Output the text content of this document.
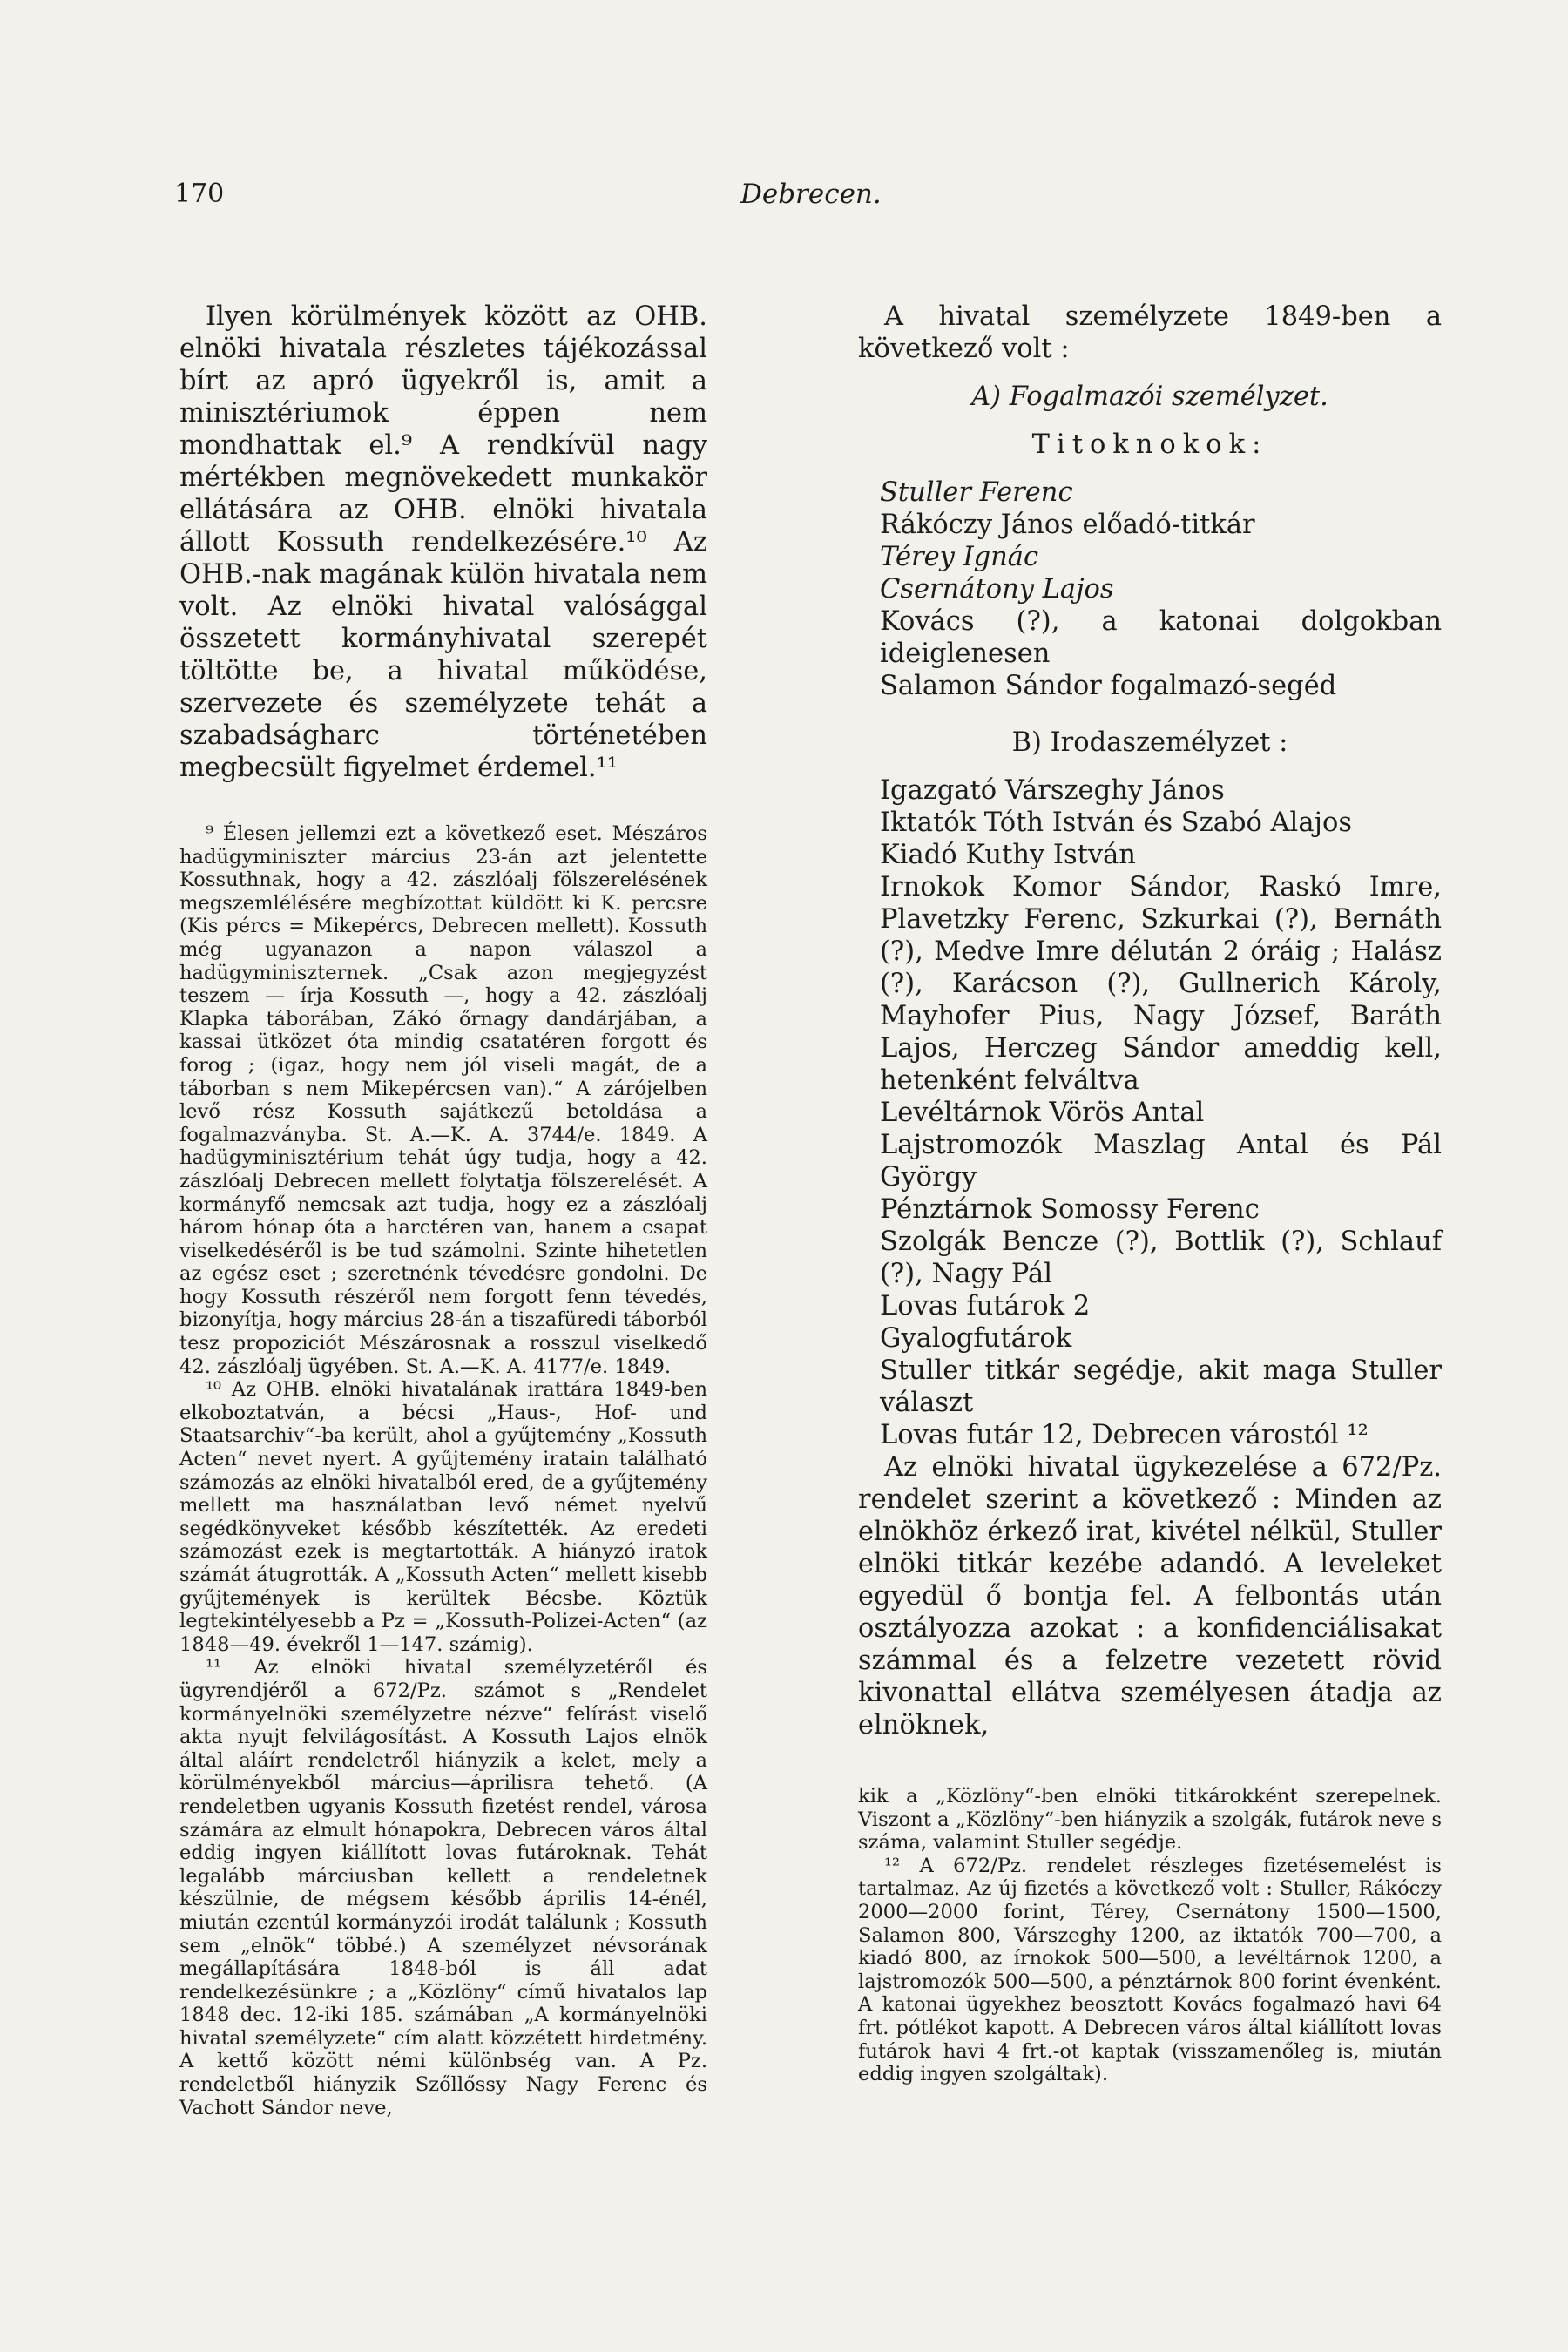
170	Debrecen.

Ilyen körülmények között az OHB. elnöki hivatala részletes tájékozással bírt az apró ügyekről is, amit a minisztériumok éppen nem mondhattak el.⁹ A rendkívül nagy mértékben megnövekedett munkakör ellátására az OHB. elnöki hivatala állott Kossuth rendelkezésére.¹⁰ Az OHB.-nak magának külön hivatala nem volt. Az elnöki hivatal valósággal összetett kormányhivatal szerepét töltötte be, a hivatal működése, szervezete és személyzete tehát a szabadságharc történetében megbecsült figyelmet érdemel.¹¹

⁹ Élesen jellemzi ezt a következő eset. Mészáros hadügyminiszter március 23-án azt jelentette Kossuthnak, hogy a 42. zászlóalj fölszerelésének megszemlélésére megbízottat küldött ki K. percsre (Kis pércs = Mikepércs, Debrecen mellett). Kossuth még ugyanazon a napon válaszol a hadügyminiszternek. „Csak azon megjegyzést teszem — írja Kossuth —, hogy a 42. zászlóalj Klapka táborában, Zákó őrnagy dandárjában, a kassai ütközet óta mindig csatatéren forgott és forog ; (igaz, hogy nem jól viseli magát, de a táborban s nem Mikepércsen van).“ A zárójelben levő rész Kossuth sajátkezű betoldása a fogalmazványba. St. A.—K. A. 3744/e. 1849. A hadügyminisztérium tehát úgy tudja, hogy a 42. zászlóalj Debrecen mellett folytatja fölszerelését. A kormányfő nemcsak azt tudja, hogy ez a zászlóalj három hónap óta a harctéren van, hanem a csapat viselkedéséről is be tud számolni. Szinte hihetetlen az egész eset ; szeretnénk tévedésre gondolni. De hogy Kossuth részéről nem forgott fenn tévedés, bizonyítja, hogy március 28-án a tiszafüredi táborból tesz propoziciót Mészárosnak a rosszul viselkedő 42. zászlóalj ügyében. St. A.—K. A. 4177/e. 1849.

¹⁰ Az OHB. elnöki hivatalának irattára 1849-ben elkoboztatván, a bécsi „Haus-, Hof- und Staatsarchiv“-ba került, ahol a gyűjtemény „Kossuth Acten“ nevet nyert. A gyűjtemény iratain található számozás az elnöki hivatalból ered, de a gyűjtemény mellett ma használatban levő német nyelvű segédkönyveket később készítették. Az eredeti számozást ezek is megtartották. A hiányzó iratok számát átugrották. A „Kossuth Acten“ mellett kisebb gyűjtemények is kerültek Bécsbe. Köztük legtekintélyesebb a Pz = „Kossuth-Polizei-Acten“ (az 1848—49. évekről 1—147. számig).

¹¹ Az elnöki hivatal személyzetéről és ügyrendjéről a 672/Pz. számot s „Rendelet kormányelnöki személyzetre nézve“ felírást viselő akta nyujt felvilágosítást. A Kossuth Lajos elnök által aláírt rendeletről hiányzik a kelet, mely a körülményekből március—áprilisra tehető. (A rendeletben ugyanis Kossuth fizetést rendel, városa számára az elmult hónapokra, Debrecen város által eddig ingyen kiállított lovas futároknak. Tehát legalább márciusban kellett a rendeletnek készülnie, de mégsem később április 14-énél, miután ezentúl kormányzói irodát találunk ; Kossuth sem „elnök“ többé.) A személyzet névsorának megállapítására 1848-ból is áll adat rendelkezésünkre ; a „Közlöny“ című hivatalos lap 1848 dec. 12-iki 185. számában „A kormányelnöki hivatal személyzete“ cím alatt közzétett hirdetmény. A kettő között némi különbség van. A Pz. rendeletből hiányzik Szőllőssy Nagy Ferenc és Vachott Sándor neve,

A hivatal személyzete 1849-ben a következő volt :

A) Fogalmazói személyzet.

Titoknokok:

Stuller Ferenc

Rákóczy János előadó-titkár

Térey Ignác

Csernátony Lajos

Kovács (?), a katonai dolgokban ideiglenesen

Salamon Sándor fogalmazó-segéd

B) Irodaszemélyzet :

Igazgató Várszeghy János

Iktatók Tóth István és Szabó Alajos

Kiadó Kuthy István

Irnokok Komor Sándor, Raskó Imre, Plavetzky Ferenc, Szkurkai (?), Bernáth (?), Medve Imre délután 2 óráig ; Halász (?), Karácson (?), Gullnerich Károly, Mayhofer Pius, Nagy József, Baráth Lajos, Herczeg Sándor ameddig kell, hetenként felváltva

Levéltárnok Vörös Antal

Lajstromozók Maszlag Antal és Pál György

Pénztárnok Somossy Ferenc

Szolgák Bencze (?), Bottlik (?), Schlauf (?), Nagy Pál

Lovas futárok 2

Gyalogfutárok

Stuller titkár segédje, akit maga Stuller választ

Lovas futár 12, Debrecen várostól ¹²

Az elnöki hivatal ügykezelése a 672/Pz. rendelet szerint a következő : Minden az elnökhöz érkező irat, kivétel nélkül, Stuller elnöki titkár kezébe adandó. A leveleket egyedül ő bontja fel. A felbontás után osztályozza azokat : a konfidenciálisakat számmal és a felzetre vezetett rövid kivonattal ellátva személyesen átadja az elnöknek,

kik a „Közlöny“-ben elnöki titkárokként szerepelnek. Viszont a „Közlöny“-ben hiányzik a szolgák, futárok neve s száma, valamint Stuller segédje.

¹² A 672/Pz. rendelet részleges fizetésemelést is tartalmaz. Az új fizetés a következő volt : Stuller, Rákóczy 2000—2000 forint, Térey, Csernátony 1500—1500, Salamon 800, Várszeghy 1200, az iktatók 700—700, a kiadó 800, az írnokok 500—500, a levéltárnok 1200, a lajstromozók 500—500, a pénztárnok 800 forint évenként. A katonai ügyekhez beosztott Kovács fogalmazó havi 64 frt. pótlékot kapott. A Debrecen város által kiállított lovas futárok havi 4 frt.-ot kaptak (visszamenőleg is, miután eddig ingyen szolgáltak).
